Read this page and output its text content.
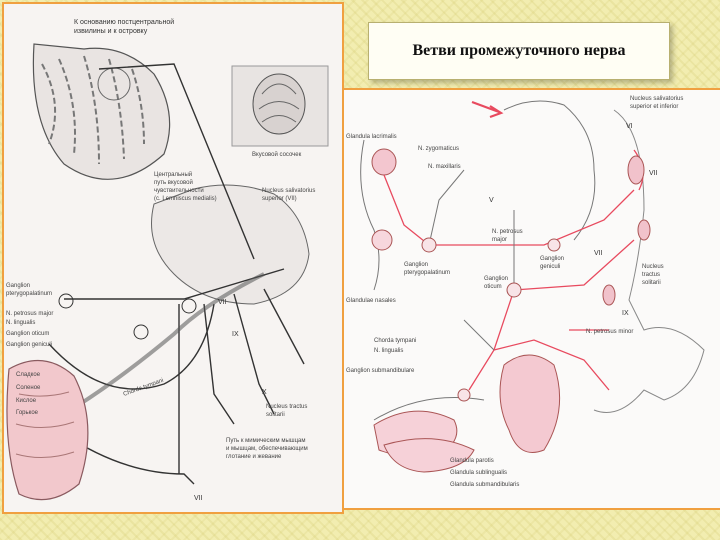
К основанию постцентральной
извилины и к островку
Вкусовой сосочек
Центральный
путь вкусовой
чувствительности
(с. Lemniscus medialis)
Nucleus salivatorius
superior (VII)
Ganglion
pterygopalatinum
N. petrosus major
N. lingualis
Ganglion oticum
Ganglion geniculi
Chorda tympani
VII
IX
X
Nucleus tractus
solitarii
Путь к мимическим мышцам
и мышцам, обеспечивающим
глотание и жевание
Сладкое
Соленое
Кислое
Горькое
VII
Nucleus salivatorius
superior et inferior
Glandula lacrimalis
N. zygomaticus
N. maxillaris
VI
VII
V
N. petrosus
major
Ganglion
geniculi
VII
Nucleus
tractus
solitarii
Ganglion
pterygopalatinum
Ganglion
oticum
Glandulae nasales
IX
N. petrosus minor
Chorda tympani
N. lingualis
Ganglion submandibulare
Glandula parotis
Glandula sublingualis
Glandula submandibularis
Ветви промежуточного нерва
